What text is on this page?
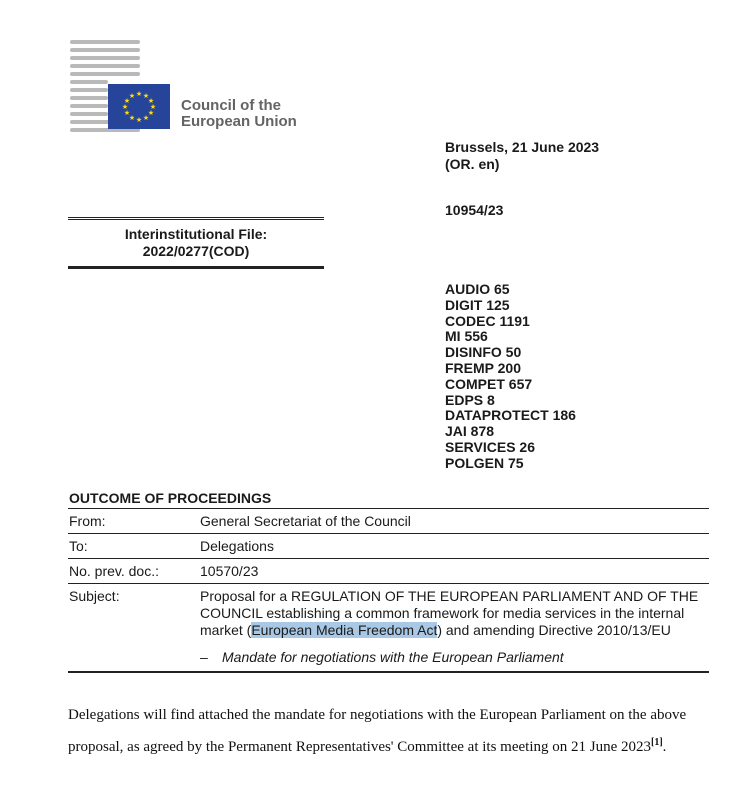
★ ★
★
★
★
★
★
★
★
★
★
★
Council of the
European Union
Brussels, 21 June 2023
(OR. en)
10954/23
Interinstitutional File:
2022/0277(COD)
AUDIO 65
DIGIT 125
CODEC 1191
MI 556
DISINFO 50
FREMP 200
COMPET 657
EDPS 8
DATAPROTECT 186
JAI 878
SERVICES 26
POLGEN 75
OUTCOME OF PROCEEDINGS
From:	General Secretariat of the Council
To:	Delegations
No. prev. doc.:	10570/23
Subject:	Proposal for a REGULATION OF THE EUROPEAN PARLIAMENT AND OF THE COUNCIL establishing a common framework for media services in the internal market (European Media Freedom Act) and amending Directive 2010/13/EU
– Mandate for negotiations with the European Parliament
Delegations will find attached the mandate for negotiations with the European Parliament on the above proposal, as agreed by the Permanent Representatives' Committee at its meeting on 21 June 2023[1].
